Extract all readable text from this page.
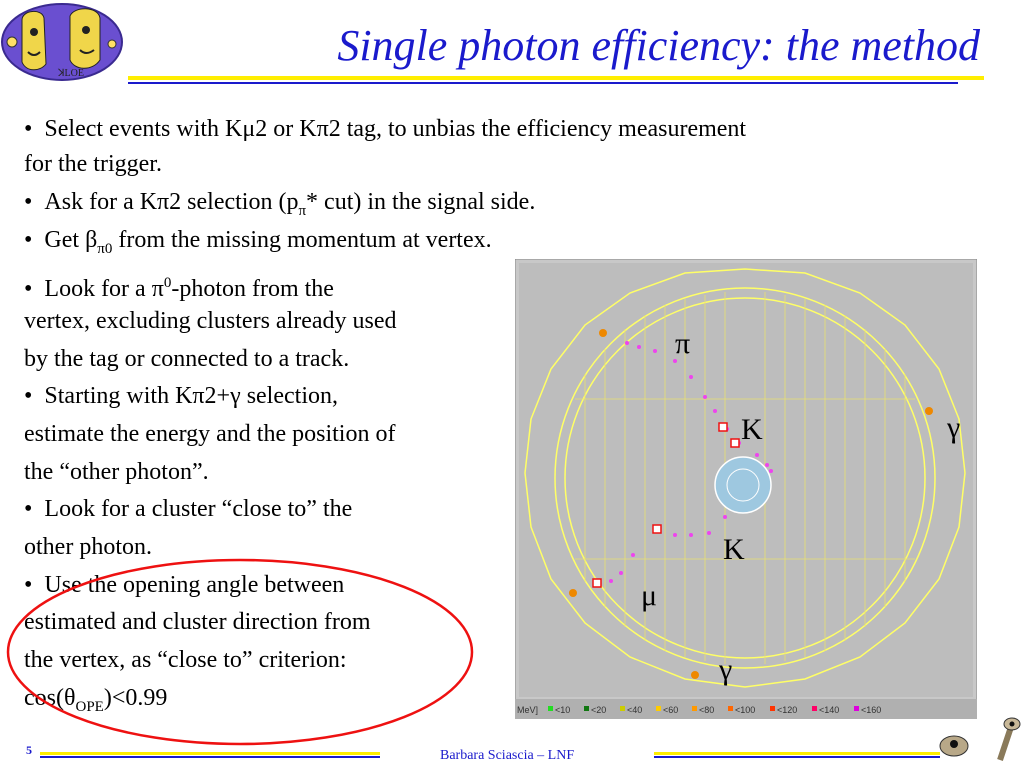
ꓘLOE
Single photon efficiency: the method
• Select events with Kμ2 or Kπ2 tag, to unbias the efficiency measurement
for the trigger.
• Ask for a Kπ2 selection ($p_\pi*$ cut) in the signal side.
• Get $\beta_{\pi 0}$ from the missing momentum at vertex.
• Look for a $\pi^0$-photon from the
vertex, excluding clusters already used
by the tag or connected to a track.
• Starting with Kπ2+γ selection,
estimate the energy and the position of
the “other photon”.
• Look for a cluster “close to” the
other photon.
• Use the opening angle between
estimated and cluster direction from
the vertex, as “close to” criterion:
$\cos(\theta_{OPE})<0.99$
π
K
K
μ
γ
γ
MeV] <10 <20 <40 <60 <80 <100 <120 <140 <160
5	Barbara Sciascia – LNF
